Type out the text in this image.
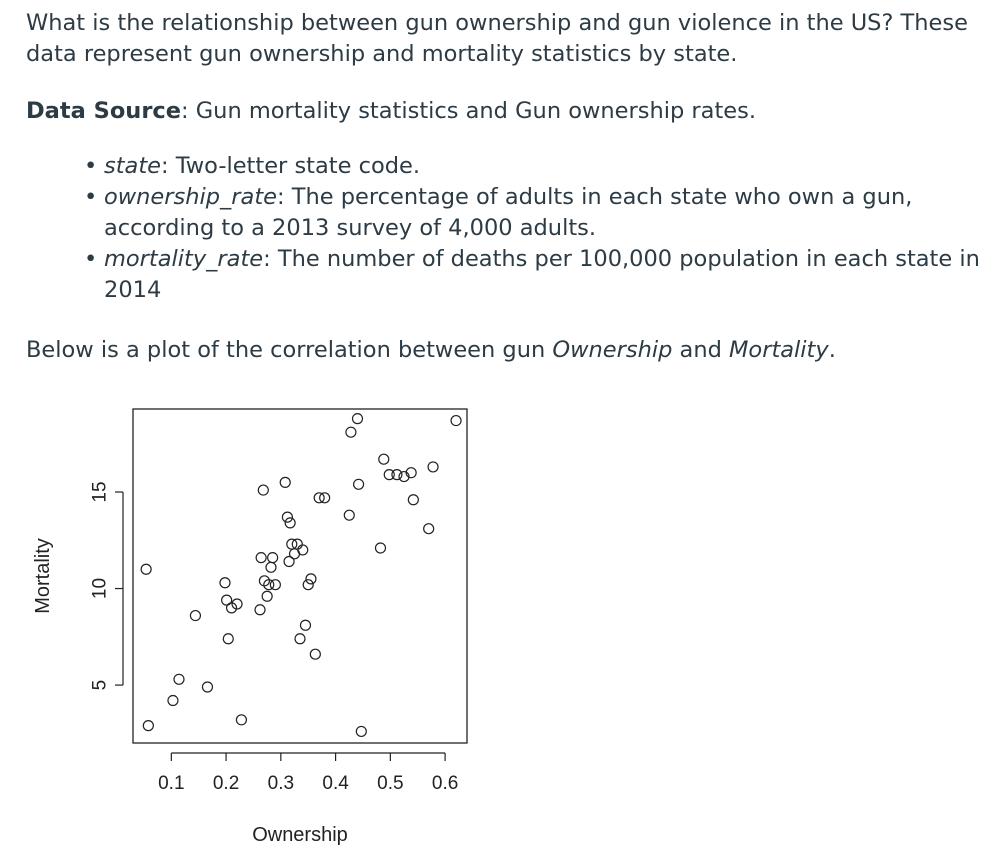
What is the relationship between gun ownership and gun violence in the US? These data represent gun ownership and mortality statistics by state.
Data Source: Gun mortality statistics and Gun ownership rates.
• state: Two-letter state code.
• ownership_rate: The percentage of adults in each state who own a gun, according to a 2013 survey of 4,000 adults.
• mortality_rate: The number of deaths per 100,000 population in each state in 2014
Below is a plot of the correlation between gun Ownership and Mortality.
0.1 0.2 0.3 0.4 0.5 0.6
5
10
15
Ownership
Mortality
